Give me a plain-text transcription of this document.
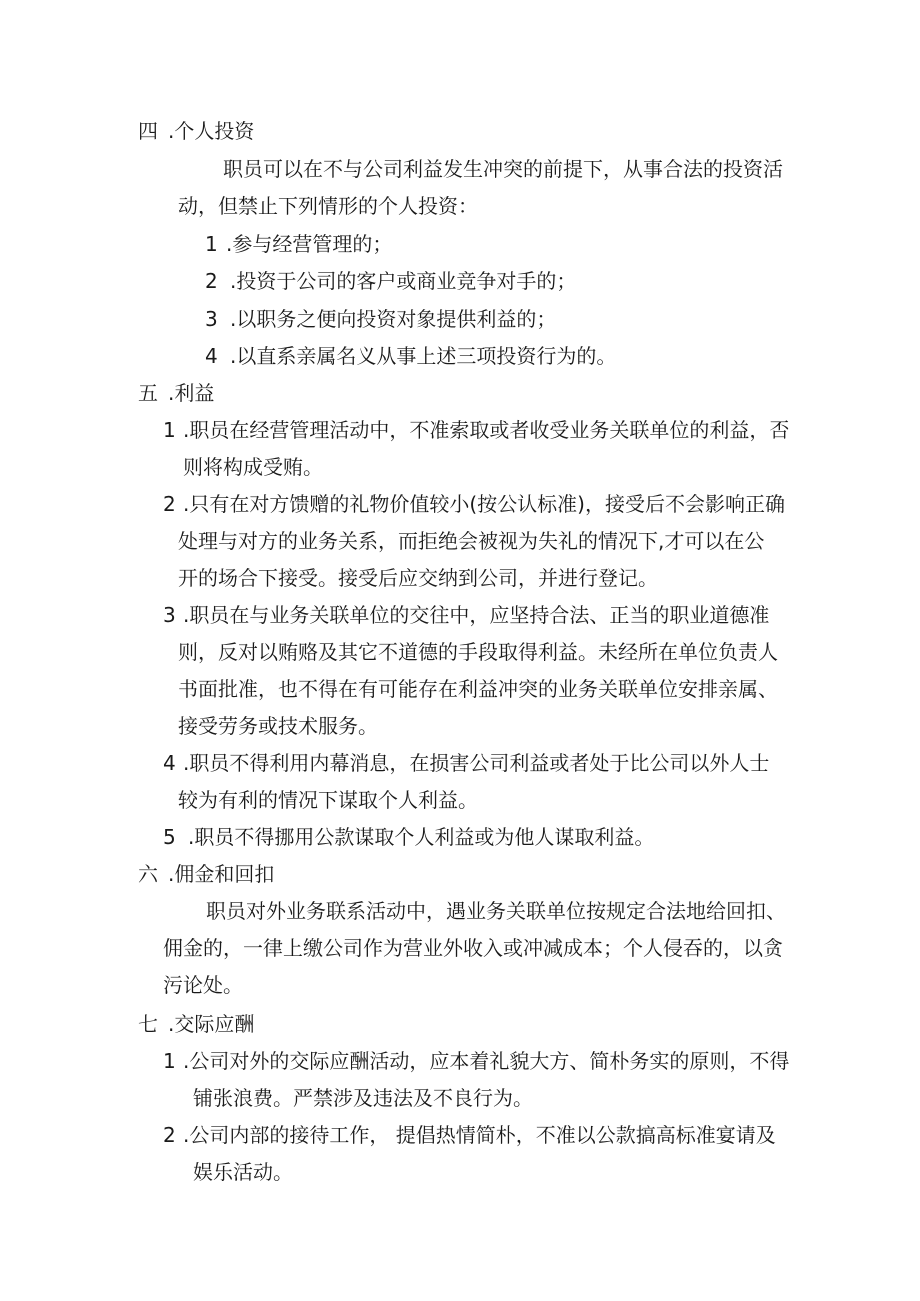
四 .个人投资
职员可以在不与公司利益发生冲突的前提下，从事合法的投资活
动，但禁止下列情形的个人投资：
1 .参与经营管理的；
2 .投资于公司的客户或商业竞争对手的；
3 .以职务之便向投资对象提供利益的；
4 .以直系亲属名义从事上述三项投资行为的。
五 .利益
1 .职员在经营管理活动中，不准索取或者收受业务关联单位的利益，否
则将构成受贿。
2 .只有在对方馈赠的礼物价值较小(按公认标准)，接受后不会影响正确
处理与对方的业务关系，而拒绝会被视为失礼的情况下,才可以在公
开的场合下接受。接受后应交纳到公司，并进行登记。
3 .职员在与业务关联单位的交往中，应坚持合法、正当的职业道德准
则，反对以贿赂及其它不道德的手段取得利益。未经所在单位负责人
书面批准，也不得在有可能存在利益冲突的业务关联单位安排亲属、
接受劳务或技术服务。
4 .职员不得利用内幕消息，在损害公司利益或者处于比公司以外人士
较为有利的情况下谋取个人利益。
5 .职员不得挪用公款谋取个人利益或为他人谋取利益。
六 .佣金和回扣
职员对外业务联系活动中，遇业务关联单位按规定合法地给回扣、
佣金的，一律上缴公司作为营业外收入或冲减成本；个人侵吞的，以贪
污论处。
七 .交际应酬
1 .公司对外的交际应酬活动，应本着礼貌大方、简朴务实的原则，不得
铺张浪费。严禁涉及违法及不良行为。
2 .公司内部的接待工作， 提倡热情简朴，不准以公款搞高标准宴请及
娱乐活动。
